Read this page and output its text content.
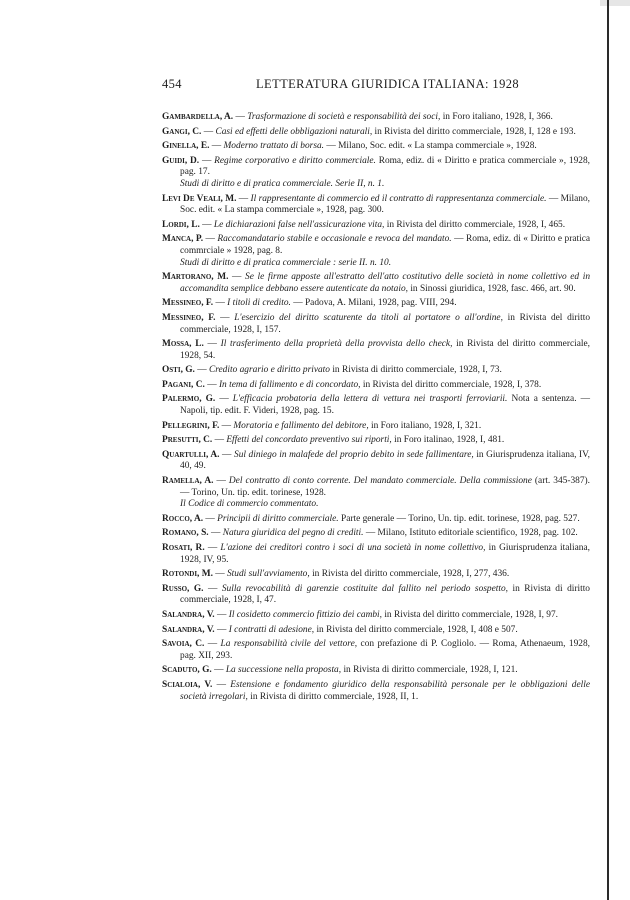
454	LETTERATURA GIURIDICA ITALIANA: 1928

Gambardella, A. — Trasformazione di società e responsabilità dei soci, in Foro italiano, 1928, I, 366.

Gangi, C. — Casi ed effetti delle obbligazioni naturali, in Rivista del diritto commerciale, 1928, I, 128 e 193.

Ginella, E. — Moderno trattato di borsa. — Milano, Soc. edit. « La stampa commerciale », 1928.

Guidi, D. — Regime corporativo e diritto commerciale. Roma, ediz. di « Diritto e pratica commerciale », 1928, pag. 17.
Studi di diritto e di pratica commerciale. Serie II, n. 1.

Levi De Veali, M. — Il rappresentante di commercio ed il contratto di rappresentanza commerciale. — Milano, Soc. edit. « La stampa commerciale », 1928, pag. 300.

Lordi, L. — Le dichiarazioni false nell'assicurazione vita, in Rivista del diritto commerciale, 1928, I, 465.

Manca, P. — Raccomandatario stabile e occasionale e revoca del mandato. — Roma, ediz. di « Diritto e pratica commrciale » 1928, pag. 8.
Studi di diritto e di pratica commerciale : serie II. n. 10.

Martorano, M. — Se le firme apposte all'estratto dell'atto costitutivo delle società in nome collettivo ed in accomandita semplice debbano essere autenticate da notaio, in Sinossi giuridica, 1928, fasc. 466, art. 90.

Messineo, F. — I titoli di credito. — Padova, A. Milani, 1928, pag. VIII, 294.

Messineo, F. — L'esercizio del diritto scaturente da titoli al portatore o all'ordine, in Rivista del diritto commerciale, 1928, I, 157.

Mossa, L. — Il trasferimento della proprietà della provvista dello check, in Rivista del diritto commerciale, 1928, 54.

Osti, G. — Credito agrario e diritto privato in Rivista di diritto commerciale, 1928, I, 73.

Pagani, C. — In tema di fallimento e di concordato, in Rivista del diritto commerciale, 1928, I, 378.

Palermo, G. — L'efficacia probatoria della lettera di vettura nei trasporti ferroviarii. Nota a sentenza. — Napoli, tip. edit. F. Videri, 1928, pag. 15.

Pellegrini, F. — Moratoria e fallimento del debitore, in Foro italiano, 1928, I, 321.

Presutti, C. — Effetti del concordato preventivo sui riporti, in Foro italinao, 1928, I, 481.

Quartulli, A. — Sul diniego in malafede del proprio debito in sede fallimentare, in Giurisprudenza italiana, IV, 40, 49.

Ramella, A. — Del contratto di conto corrente. Del mandato commerciale. Della commissione (art. 345-387). — Torino, Un. tip. edit. torinese, 1928.
Il Codice di commercio commentato.

Rocco, A. — Principii di diritto commerciale. Parte generale — Torino, Un. tip. edit. torinese, 1928, pag. 527.

Romano, S. — Natura giuridica del pegno di crediti. — Milano, Istituto editoriale scientifico, 1928, pag. 102.

Rosati, R. — L'azione dei creditori contro i soci di una società in nome collettivo, in Giurisprudenza italiana, 1928, IV, 95.

Rotondi, M. — Studi sull'avviamento, in Rivista del diritto commerciale, 1928, I, 277, 436.

Russo, G. — Sulla revocabilità di garenzie costituite dal fallito nel periodo sospetto, in Rivista di diritto commerciale, 1928, I, 47.

Salandra, V. — Il cosidetto commercio fittizio dei cambi, in Rivista del diritto commerciale, 1928, I, 97.

Salandra, V. — I contratti di adesione, in Rivista del diritto commerciale, 1928, I, 408 e 507.

Savoia, C. — La responsabilità civile del vettore, con prefazione di P. Cogliolo. — Roma, Athenaeum, 1928, pag. XII, 293.

Scaduto, G. — La successione nella proposta, in Rivista di diritto commerciale, 1928, I, 121.

Scialoia, V. — Estensione e fondamento giuridico della responsabilità personale per le obbligazioni delle società irregolari, in Rivista di diritto commerciale, 1928, II, 1.
